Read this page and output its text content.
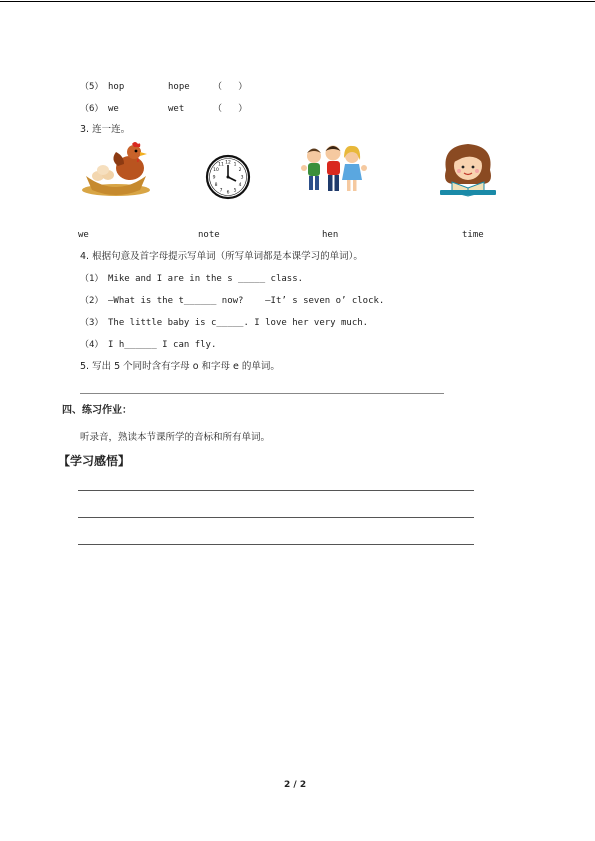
（5） hop	hope	（   ）
（6） we	wet	（   ）
3. 连一连。
12 1
2
3
4
5
6
7
8
9
10
11
we	note	hen	time
4. 根据句意及首字母提示写单词（所写单词都是本课学习的单词）。
（1） Mike and I are in the s _____ class.
（2） —What is the t______ now?    —It’ s seven o’ clock.
（3） The little baby is c_____. I love her very much.
（4） I h______ I can fly.
5. 写出 5 个同时含有字母 o 和字母 e 的单词。
四、练习作业：
听录音，熟读本节课所学的音标和所有单词。
【学习感悟】
2 / 2
